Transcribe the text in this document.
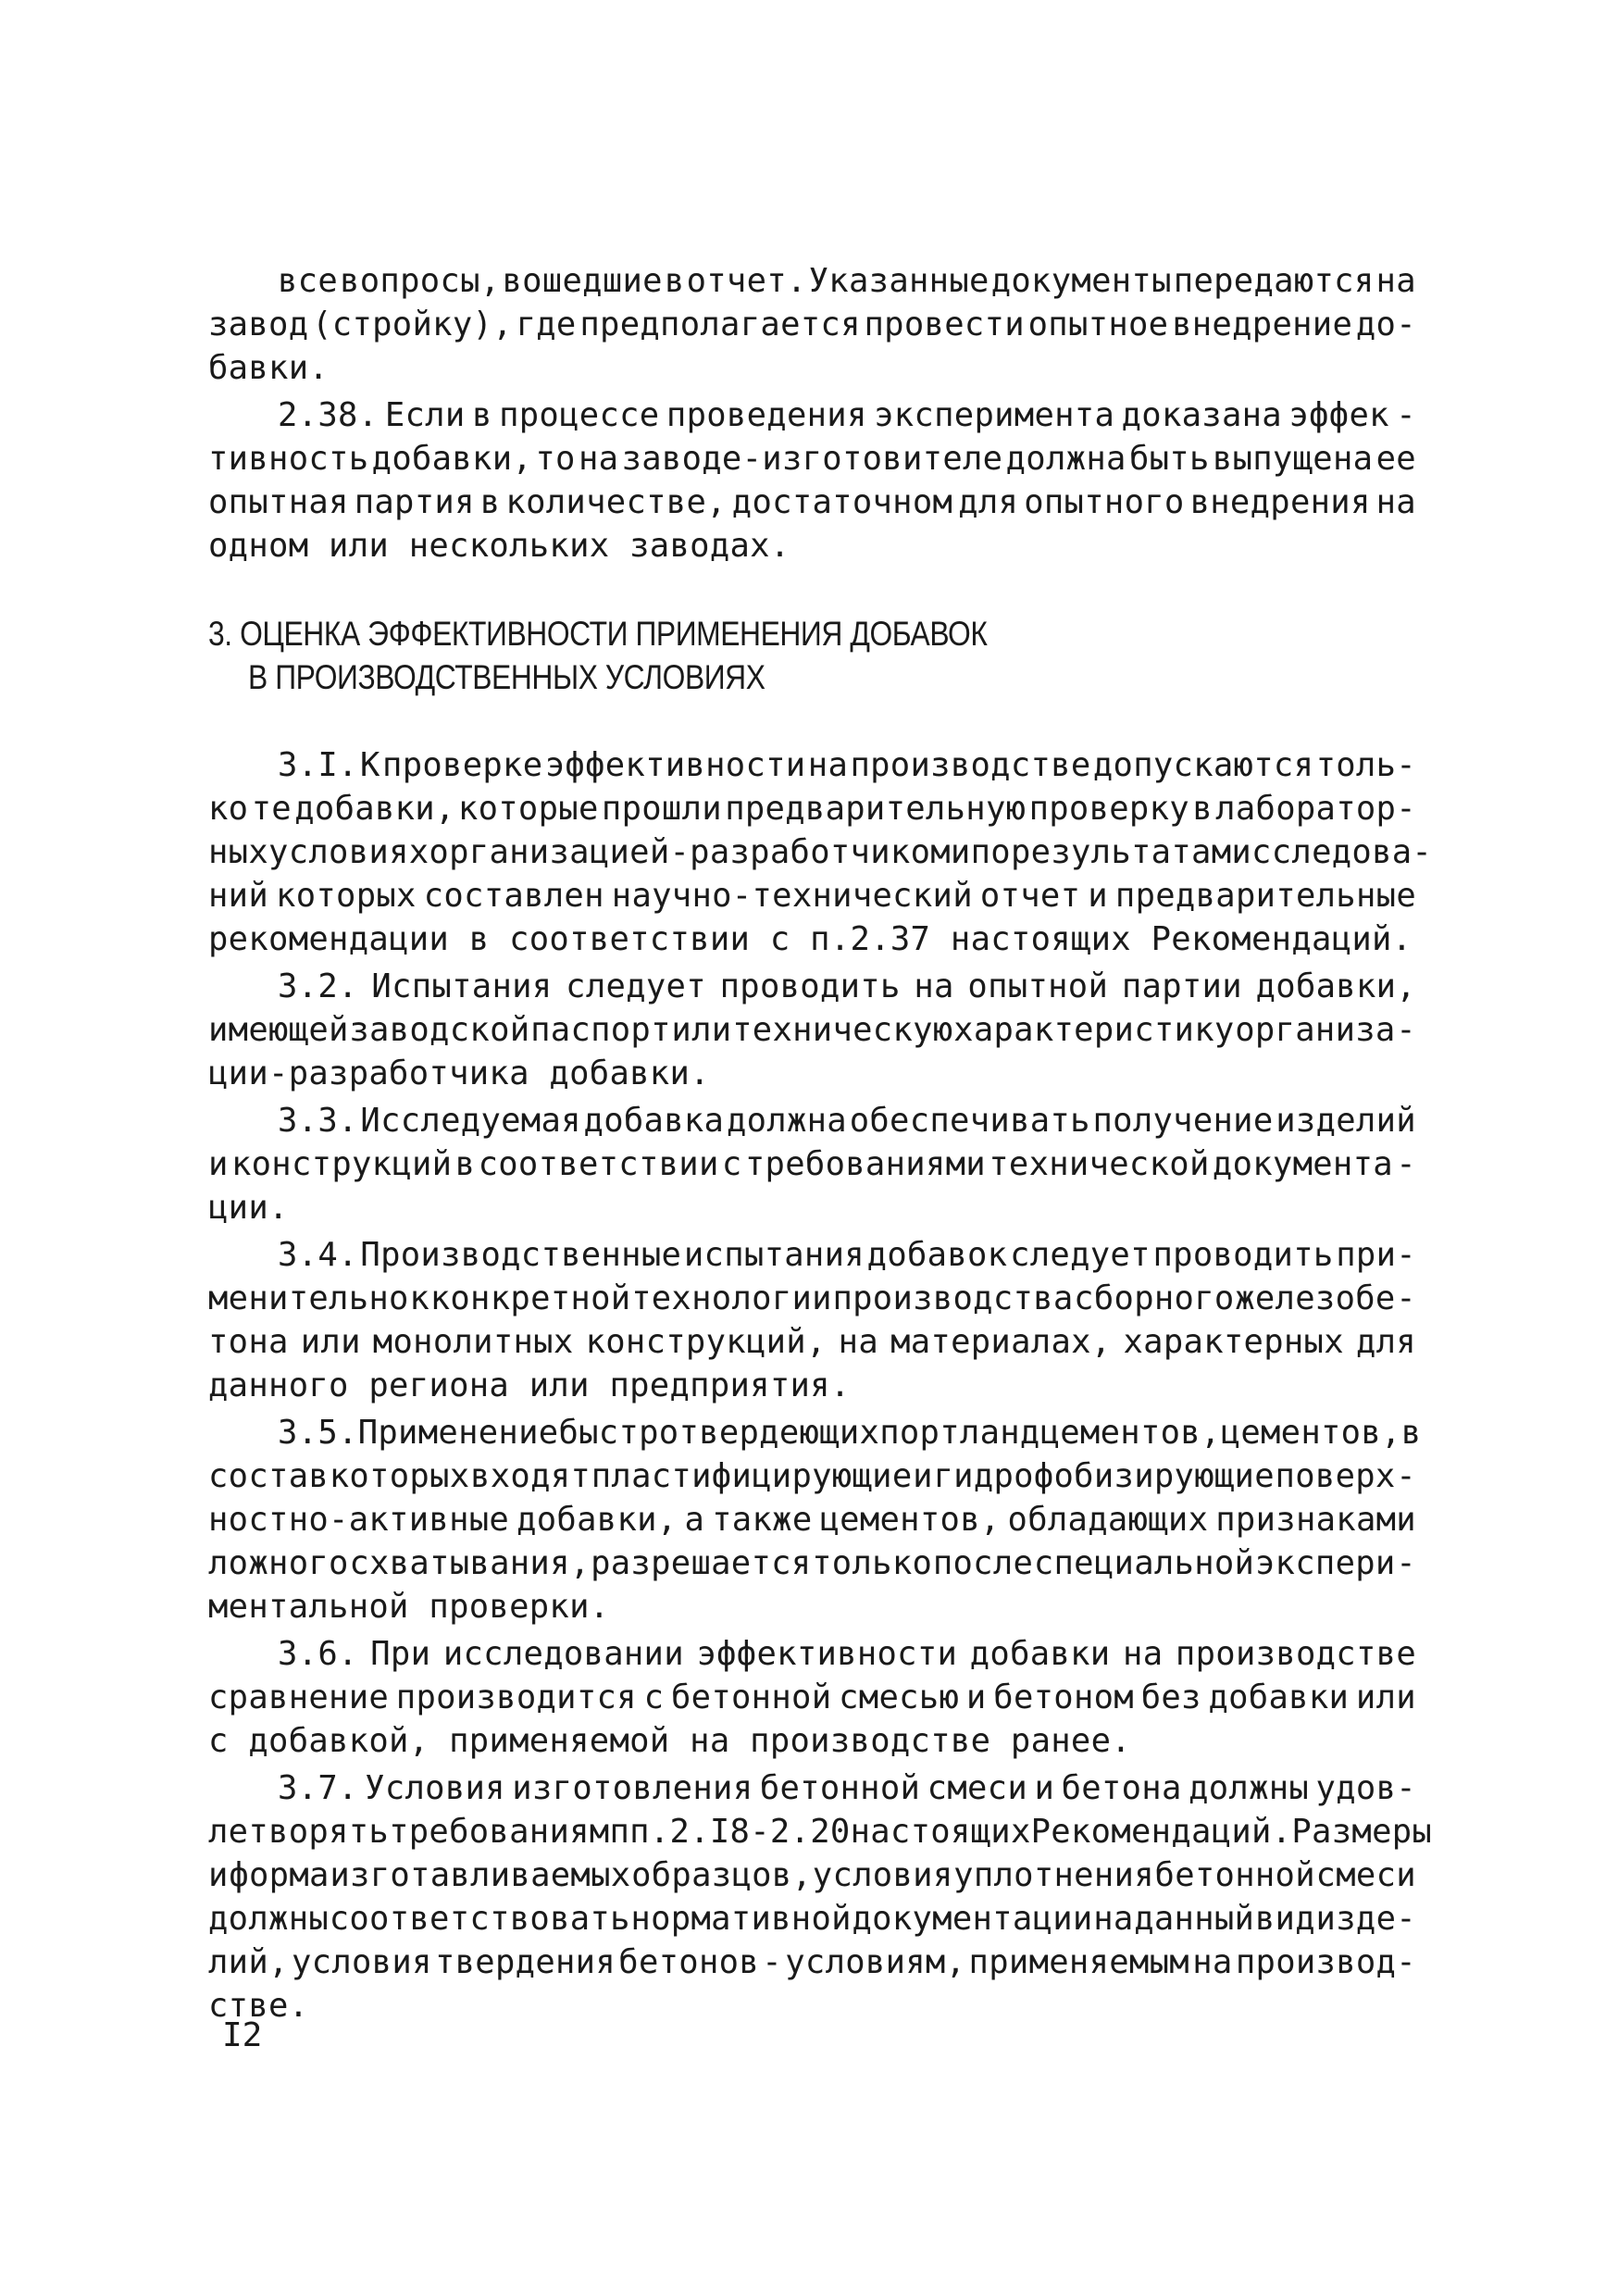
все вопросы, вошедшие в отчет. Указанные документы передаются на
завод (стройку), где предполагается провести опытное внедрение до-
бавки.
2.38. Если в процессе проведения эксперимента доказана эффек -
тивность добавки, то на заводе-изготовителе должна быть выпущена ее
опытная партия в количестве, достаточном для опытного внедрения на
одном или нескольких заводах.
3. ОЦЕНКА ЭФФЕКТИВНОСТИ ПРИМЕНЕНИЯ ДОБАВОК
В ПРОИЗВОДСТВЕННЫХ УСЛОВИЯХ
3.I. К проверке эффективности на производстве допускаются толь-
ко те добавки, которые прошли предварительную проверку в лаборатор-
ных условиях организацией-разработчиком и по результатам исследова-
ний которых составлен научно-технический отчет и предварительные
рекомендации в соответствии с п.2.37 настоящих Рекомендаций.
3.2. Испытания следует проводить на опытной партии добавки,
имеющей заводской паспорт или техническую характеристику организа -
ции-разработчика добавки.
3.3. Исследуемая добавка должна обеспечивать получение изделий
и конструкций в соответствии с требованиями технической документа -
ции.
3.4. Производственные испытания добавок следует проводить при-
менительно к конкретной технологии производства сборного железобе -
тона или монолитных конструкций, на материалах, характерных для
данного региона или предприятия.
3.5. Применение быстротвердеющих портландцементов, цементов, в
состав которых входят пластифицирующие и гидрофобизирующие поверх -
ностно-активные добавки, а также цементов, обладающих признаками
ложного схватывания, разрешается только после специальной экспери -
ментальной проверки.
3.6. При исследовании эффективности добавки на производстве
сравнение производится с бетонной смесью и бетоном без добавки или
с добавкой, применяемой на производстве ранее.
3.7. Условия изготовления бетонной смеси и бетона должны удов-
летворять требованиям пп. 2.I8-2.20 настоящих Рекомендаций. Размеры
и форма изготавливаемых образцов, условия уплотнения бетонной смеси
должны соответствовать нормативной документации на данный вид изде-
лий, условия твердения бетонов - условиям, применяемым на производ-
стве.
I2
